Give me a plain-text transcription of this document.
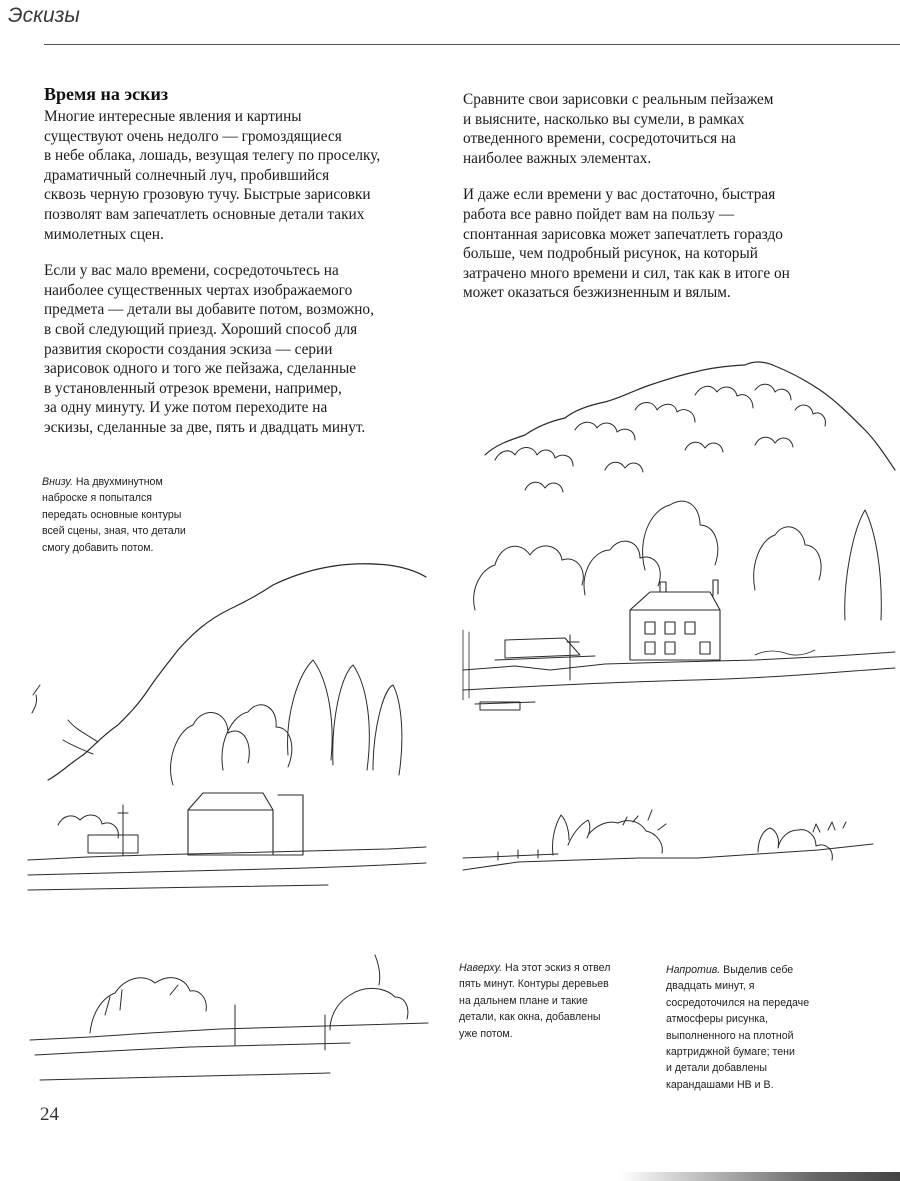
Эскизы
Время на эскиз

Многие интересные явления и картины
существуют очень недолго — громоздящиеся
в небе облака, лошадь, везущая телегу по проселку,
драматичный солнечный луч, пробившийся
сквозь черную грозовую тучу. Быстрые зарисовки
позволят вам запечатлеть основные детали таких
мимолетных сцен.

Если у вас мало времени, сосредоточьтесь на
наиболее существенных чертах изображаемого
предмета — детали вы добавите потом, возможно,
в свой следующий приезд. Хороший способ для
развития скорости создания эскиза — серии
зарисовок одного и того же пейзажа, сделанные
в установленный отрезок времени, например,
за одну минуту. И уже потом переходите на
эскизы, сделанные за две, пять и двадцать минут.

Сравните свои зарисовки с реальным пейзажем
и выясните, насколько вы сумели, в рамках
отведенного времени, сосредоточиться на
наиболее важных элементах.

И даже если времени у вас достаточно, быстрая
работа все равно пойдет вам на пользу —
спонтанная зарисовка может запечатлеть гораздо
больше, чем подробный рисунок, на который
затрачено много времени и сил, так как в итоге он
может оказаться безжизненным и вялым.

Внизу. На двухминутном
наброске я попытался
передать основные контуры
всей сцены, зная, что детали
смогу добавить потом.

Наверху. На этот эскиз я отвел
пять минут. Контуры деревьев
на дальнем плане и такие
детали, как окна, добавлены
уже потом.

Напротив. Выделив себе
двадцать минут, я
сосредоточился на передаче
атмосферы рисунка,
выполненного на плотной
картриджной бумаге; тени
и детали добавлены
карандашами НВ и В.

24
